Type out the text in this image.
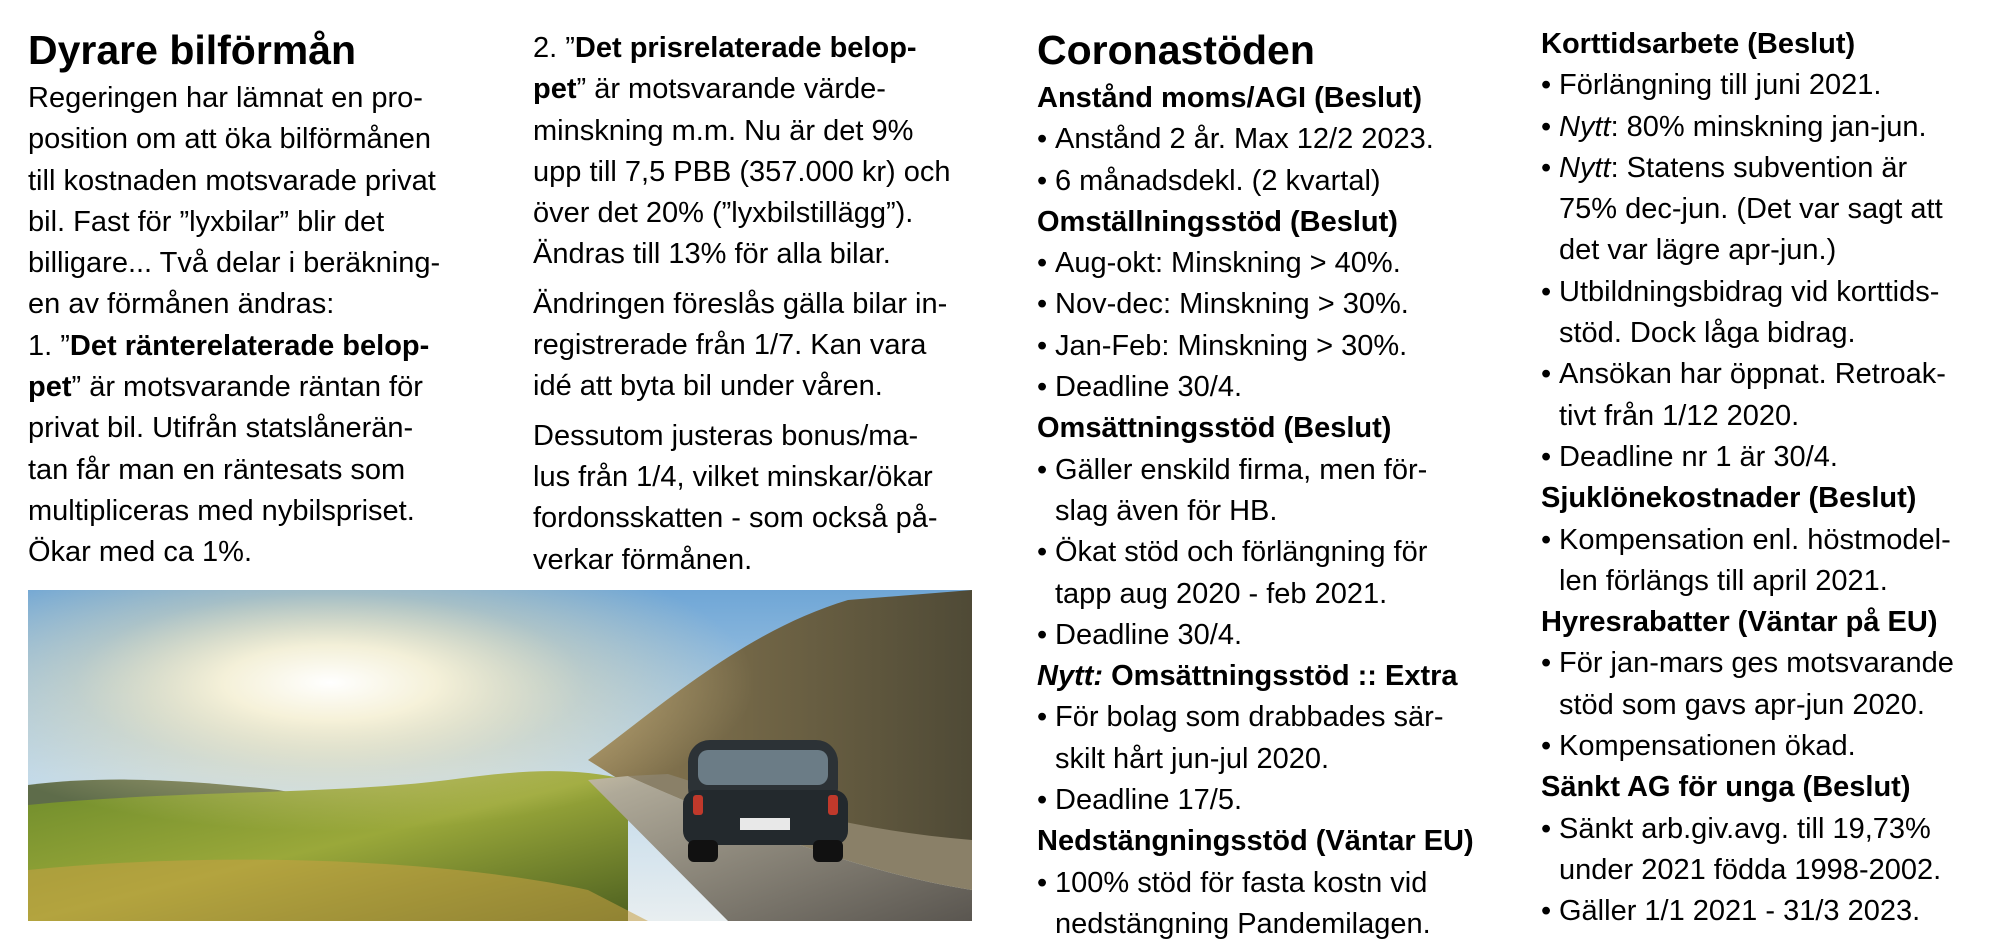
Dyrare bilförmån

Regeringen har lämnat en pro-
position om att öka bilförmånen
till kostnaden motsvarade privat
bil. Fast för ”lyxbilar” blir det
billigare... Två delar i beräkning-
en av förmånen ändras:
1. ”Det ränterelaterade belop-
pet” är motsvarande räntan för
privat bil. Utifrån statslånerän-
tan får man en räntesats som
multipliceras med nybilspriset.
Ökar med ca 1%.

2. ”Det prisrelaterade belop-
pet” är motsvarande värde-
minskning m.m. Nu är det 9%
upp till 7,5 PBB (357.000 kr) och
över det 20% (”lyxbilstillägg”).
Ändras till 13% för alla bilar.

Ändringen föreslås gälla bilar in-
registrerade från 1/7. Kan vara
idé att byta bil under våren.

Dessutom justeras bonus/ma-
lus från 1/4, vilket minskar/ökar
fordonsskatten - som också på-
verkar förmånen.

Coronastöden
Anstånd moms/AGI (Beslut)
• Anstånd 2 år. Max 12/2 2023.
• 6 månadsdekl. (2 kvartal)
Omställningsstöd (Beslut)
• Aug-okt: Minskning > 40%.
• Nov-dec: Minskning > 30%.
• Jan-Feb: Minskning > 30%.
• Deadline 30/4.
Omsättningsstöd (Beslut)
• Gäller enskild firma, men för-
slag även för HB.
• Ökat stöd och förlängning för
tapp aug 2020 - feb 2021.
• Deadline 30/4.
Nytt: Omsättningsstöd :: Extra
• För bolag som drabbades sär-
skilt hårt jun-jul 2020.
• Deadline 17/5.
Nedstängningsstöd (Väntar EU)
• 100% stöd för fasta kostn vid
nedstängning Pandemilagen.
Korttidsarbete (Beslut)
• Förlängning till juni 2021.
• Nytt: 80% minskning jan-jun.
• Nytt: Statens subvention är
75% dec-jun. (Det var sagt att
det var lägre apr-jun.)
• Utbildningsbidrag vid korttids-
stöd. Dock låga bidrag.
• Ansökan har öppnat. Retroak-
tivt från 1/12 2020.
• Deadline nr 1 är 30/4.
Sjuklönekostnader (Beslut)
• Kompensation enl. höstmodel-
len förlängs till april 2021.
Hyresrabatter (Väntar på EU)
• För jan-mars ges motsvarande
stöd som gavs apr-jun 2020.
• Kompensationen ökad.
Sänkt AG för unga (Beslut)
• Sänkt arb.giv.avg. till 19,73%
under 2021 födda 1998-2002.
• Gäller 1/1 2021 - 31/3 2023.
